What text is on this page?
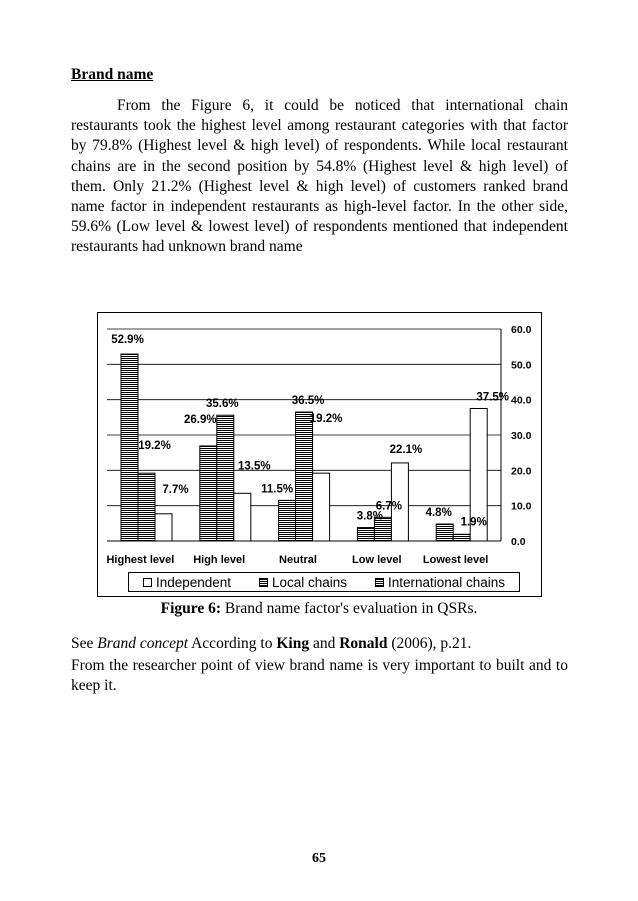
Brand name

From the Figure 6, it could be noticed that international chain restaurants took the highest level among restaurant categories with that factor by 79.8% (Highest level & high level) of respondents. While local restaurant chains are in the second position by 54.8% (Highest level & high level) of them. Only 21.2% (Highest level & high level) of customers ranked brand name factor in independent restaurants as high-level factor. In the other side, 59.6% (Low level & lowest level) of respondents mentioned that independent restaurants had unknown brand name

52.9%
19.2%
7.7%
26.9%
35.6%
13.5%
11.5%
36.5%
19.2%
3.8%
6.7%
22.1%
4.8%
1.9%
37.5%
0.0
10.0
20.0
30.0
40.0
50.0
60.0
Highest level High level	Neutral	Low level Lowest level
Independent	Local chains	International chains
Figure 6: Brand name factor's evaluation in QSRs.

See Brand concept According to King and Ronald (2006), p.21.

From the researcher point of view brand name is very important to built and to keep it.

65
